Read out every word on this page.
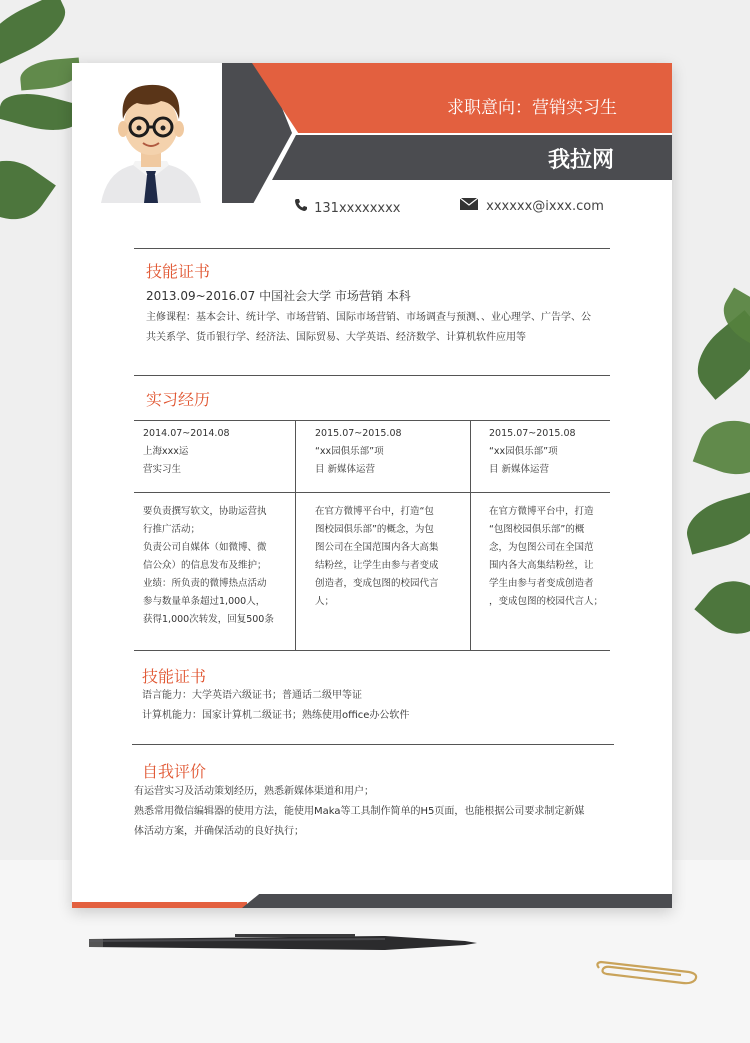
求职意向：营销实习生
我拉网
131xxxxxxxx	xxxxxx@ixxx.com
技能证书
2013.09~2016.07 中国社会大学 市场营销 本科
主修课程：基本会计、统计学、市场营销、国际市场营销、市场调查与预测、、业心理学、广告学、公
共关系学、货币银行学、经济法、国际贸易、大学英语、经济数学、计算机软件应用等
实习经历
2014.07~2014.08
上海xxx运
营实习生
2015.07~2015.08
“xx园俱乐部”项
目 新媒体运营
2015.07~2015.08
“xx园俱乐部”项
目 新媒体运营
要负责撰写软文，协助运营执
行推广活动；
负责公司自媒体（如微博、微
信公众）的信息发布及维护；
业绩：所负责的微博热点活动
参与数量单条超过1,000人，
获得1,000次转发，回复500条
在官方微博平台中，打造“包
图校园俱乐部”的概念，为包
图公司在全国范围内各大高集
结粉丝，让学生由参与者变成
创造者，变成包图的校园代言
人；
在官方微博平台中，打造
“包图校园俱乐部”的概
念，为包图公司在全国范
围内各大高集结粉丝，让
学生由参与者变成创造者
，变成包图的校园代言人；
技能证书
语言能力：大学英语六级证书；普通话二级甲等证
计算机能力：国家计算机二级证书；熟练使用office办公软件
自我评价
有运营实习及活动策划经历，熟悉新媒体渠道和用户；
熟悉常用微信编辑器的使用方法，能使用Maka等工具制作简单的H5页面，也能根据公司要求制定新媒
体活动方案，并确保活动的良好执行；
